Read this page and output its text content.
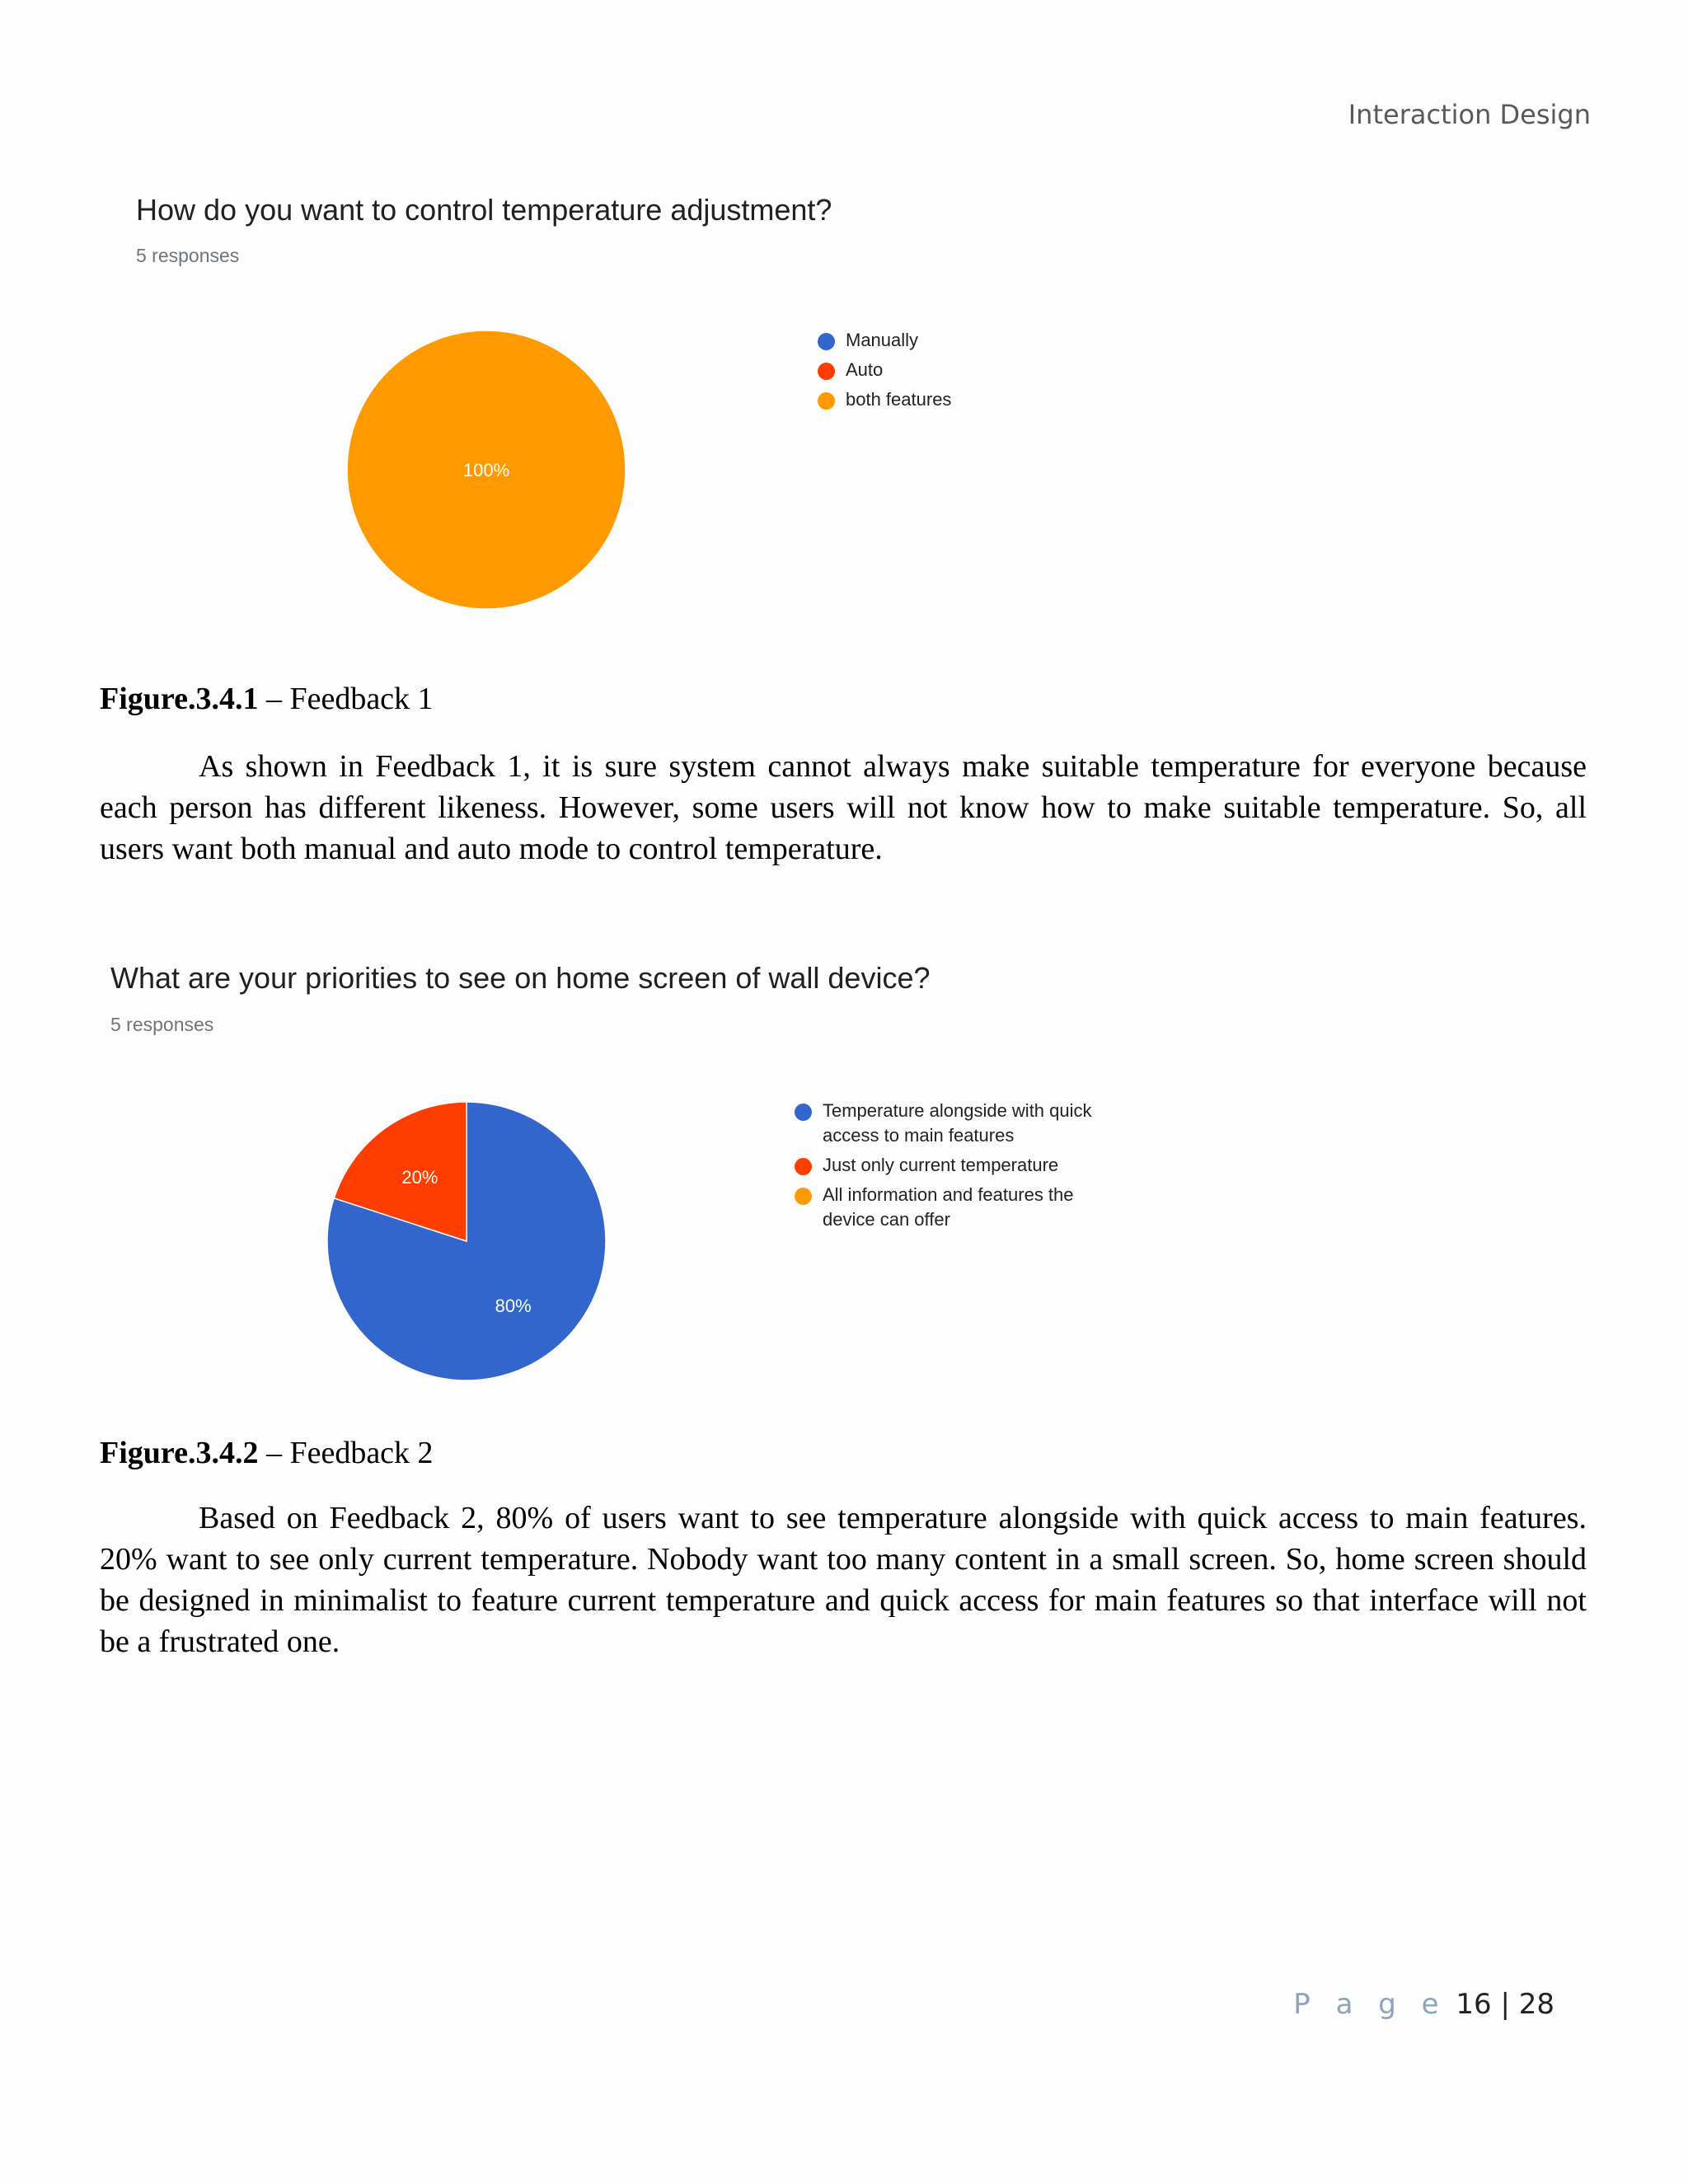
Interaction Design
How do you want to control temperature adjustment?
5 responses
100%
Manually
Auto
both features
Figure.3.4.1 – Feedback 1
As shown in Feedback 1, it is sure system cannot always make suitable temperature for everyone because each person has different likeness. However, some users will not know how to make suitable temperature. So, all users want both manual and auto mode to control temperature.
What are your priorities to see on home screen of wall device?
5 responses
80%
20%
Temperature alongside with quick
access to main features
Just only current temperature
All information and features the
device can offer
Figure.3.4.2 – Feedback 2
Based on Feedback 2, 80% of users want to see temperature alongside with quick access to main features. 20% want to see only current temperature. Nobody want too many content in a small screen. So, home screen should be designed in minimalist to feature current temperature and quick access for main features so that interface will not be a frustrated one.
P a g e 16 | 28
